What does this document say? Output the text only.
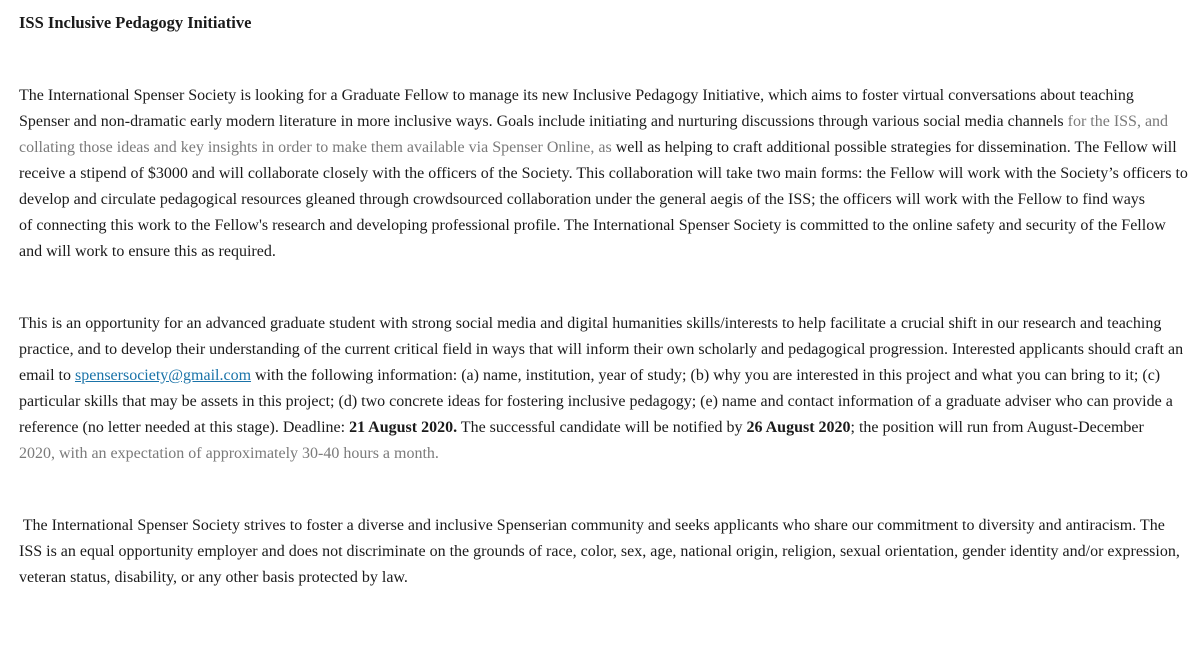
ISS Inclusive Pedagogy Initiative

The International Spenser Society is looking for a Graduate Fellow to manage its new Inclusive Pedagogy Initiative, which aims to foster virtual conversations about teaching
Spenser and non-dramatic early modern literature in more inclusive ways. Goals include initiating and nurturing discussions through various social media channels for the ISS, and
collating those ideas and key insights in order to make them available via Spenser Online, as well as helping to craft additional possible strategies for dissemination. The Fellow will
receive a stipend of $3000 and will collaborate closely with the officers of the Society. This collaboration will take two main forms: the Fellow will work with the Society’s officers to
develop and circulate pedagogical resources gleaned through crowdsourced collaboration under the general aegis of the ISS; the officers will work with the Fellow to find ways
of connecting this work to the Fellow's research and developing professional profile. The International Spenser Society is committed to the online safety and security of the Fellow
and will work to ensure this as required.

This is an opportunity for an advanced graduate student with strong social media and digital humanities skills/interests to help facilitate a crucial shift in our research and teaching
practice, and to develop their understanding of the current critical field in ways that will inform their own scholarly and pedagogical progression. Interested applicants should craft an
email to spensersociety@gmail.com with the following information: (a) name, institution, year of study; (b) why you are interested in this project and what you can bring to it; (c)
particular skills that may be assets in this project; (d) two concrete ideas for fostering inclusive pedagogy; (e) name and contact information of a graduate adviser who can provide a
reference (no letter needed at this stage). Deadline: 21 August 2020. The successful candidate will be notified by 26 August 2020; the position will run from August-December
2020, with an expectation of approximately 30-40 hours a month.

The International Spenser Society strives to foster a diverse and inclusive Spenserian community and seeks applicants who share our commitment to diversity and antiracism. The
ISS is an equal opportunity employer and does not discriminate on the grounds of race, color, sex, age, national origin, religion, sexual orientation, gender identity and/or expression,
veteran status, disability, or any other basis protected by law.
